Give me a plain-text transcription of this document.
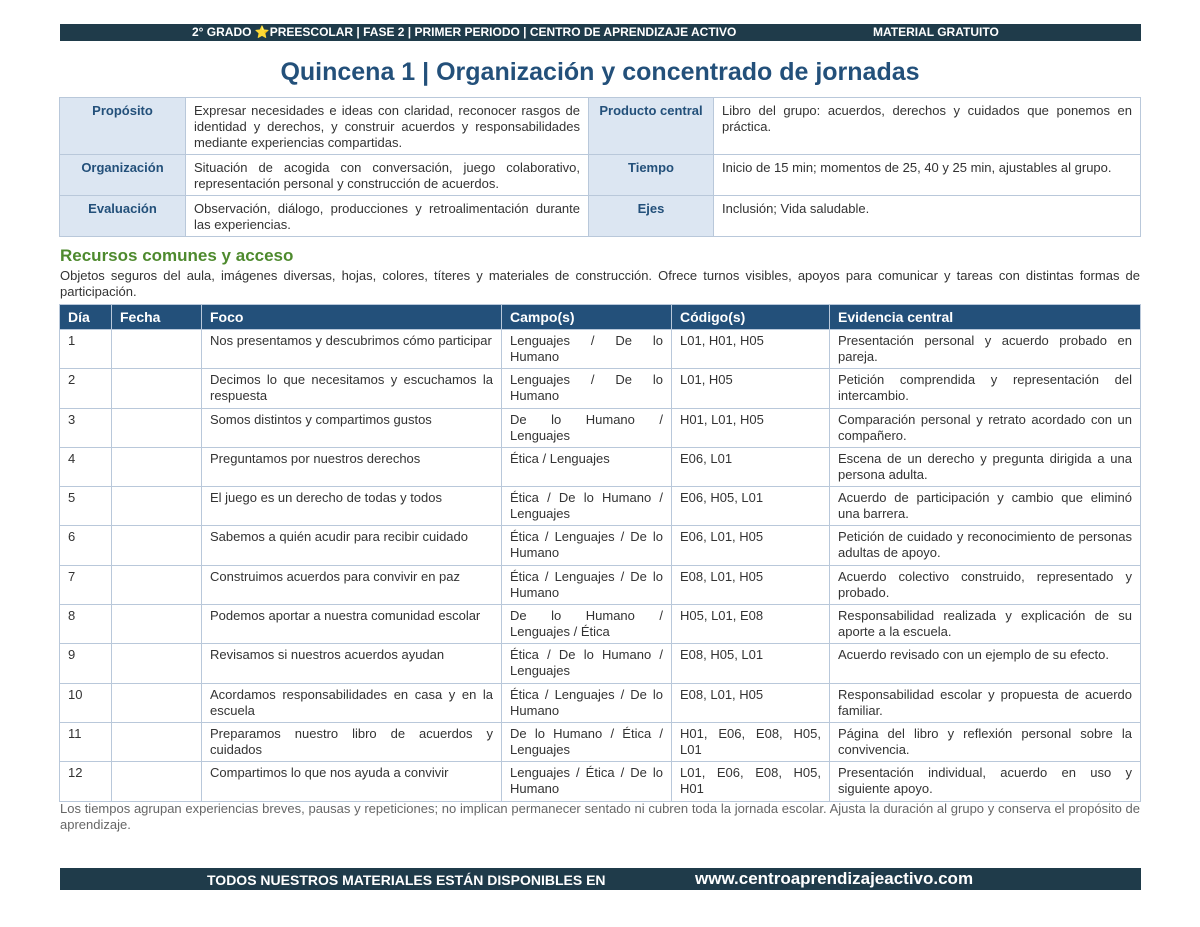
2° GRADO ⭐PREESCOLAR | FASE 2 | PRIMER PERIODO | CENTRO DE APRENDIZAJE ACTIVO	MATERIAL GRATUITO
Quincena 1 | Organización y concentrado de jornadas
Propósito	Expresar necesidades e ideas con claridad, reconocer rasgos de identidad y derechos, y construir acuerdos y responsabilidades mediante experiencias compartidas.	Producto central	Libro del grupo: acuerdos, derechos y cuidados que ponemos en práctica.
Organización	Situación de acogida con conversación, juego colaborativo, representación personal y construcción de acuerdos.	Tiempo	Inicio de 15 min; momentos de 25, 40 y 25 min, ajustables al grupo.
Evaluación	Observación, diálogo, producciones y retroalimentación durante las experiencias.	Ejes	Inclusión; Vida saludable.
Recursos comunes y acceso
Objetos seguros del aula, imágenes diversas, hojas, colores, títeres y materiales de construcción. Ofrece turnos visibles, apoyos para comunicar y tareas con distintas formas de participación.
Día	Fecha	Foco	Campo(s)	Código(s)	Evidencia central
1		Nos presentamos y descubrimos cómo participar	Lenguajes / De lo Humano	L01, H01, H05	Presentación personal y acuerdo probado en pareja.
2		Decimos lo que necesitamos y escuchamos la respuesta	Lenguajes / De lo Humano	L01, H05	Petición comprendida y representación del intercambio.
3		Somos distintos y compartimos gustos	De lo Humano / Lenguajes	H01, L01, H05	Comparación personal y retrato acordado con un compañero.
4		Preguntamos por nuestros derechos	Ética / Lenguajes	E06, L01	Escena de un derecho y pregunta dirigida a una persona adulta.
5		El juego es un derecho de todas y todos	Ética / De lo Humano / Lenguajes	E06, H05, L01	Acuerdo de participación y cambio que eliminó una barrera.
6		Sabemos a quién acudir para recibir cuidado	Ética / Lenguajes / De lo Humano	E06, L01, H05	Petición de cuidado y reconocimiento de personas adultas de apoyo.
7		Construimos acuerdos para convivir en paz	Ética / Lenguajes / De lo Humano	E08, L01, H05	Acuerdo colectivo construido, representado y probado.
8		Podemos aportar a nuestra comunidad escolar	De lo Humano / Lenguajes / Ética	H05, L01, E08	Responsabilidad realizada y explicación de su aporte a la escuela.
9		Revisamos si nuestros acuerdos ayudan	Ética / De lo Humano / Lenguajes	E08, H05, L01	Acuerdo revisado con un ejemplo de su efecto.
10		Acordamos responsabilidades en casa y en la escuela	Ética / Lenguajes / De lo Humano	E08, L01, H05	Responsabilidad escolar y propuesta de acuerdo familiar.
11		Preparamos nuestro libro de acuerdos y cuidados	De lo Humano / Ética / Lenguajes	H01, E06, E08, H05, L01	Página del libro y reflexión personal sobre la convivencia.
12		Compartimos lo que nos ayuda a convivir	Lenguajes / Ética / De lo Humano	L01, E06, E08, H05, H01	Presentación individual, acuerdo en uso y siguiente apoyo.
Los tiempos agrupan experiencias breves, pausas y repeticiones; no implican permanecer sentado ni cubren toda la jornada escolar. Ajusta la duración al grupo y conserva el propósito de aprendizaje.
TODOS NUESTROS MATERIALES ESTÁN DISPONIBLES EN	www.centroaprendizajeactivo.com
